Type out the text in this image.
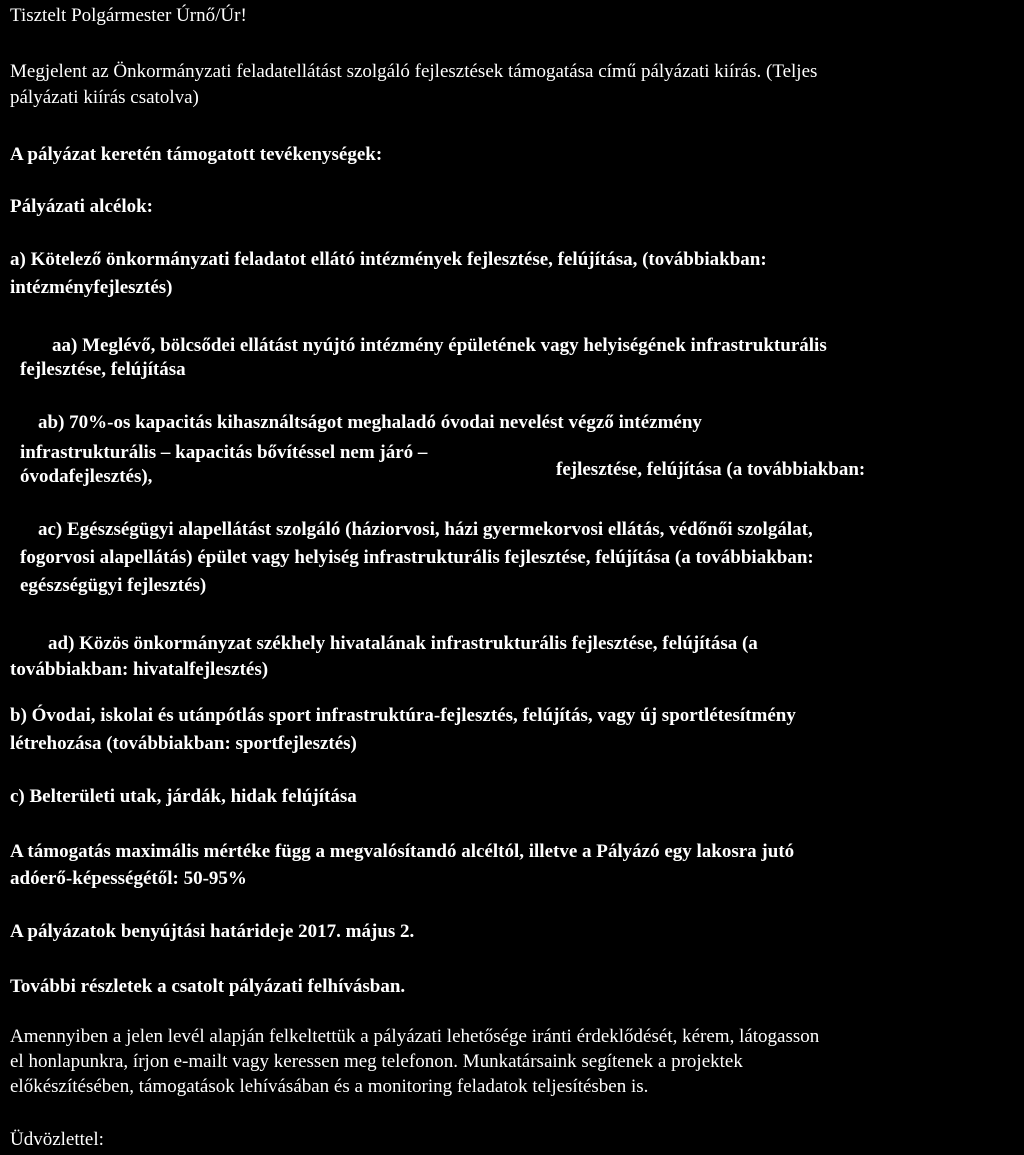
Tisztelt Polgármester Úrnő/Úr!

Megjelent az Önkormányzati feladatellátást szolgáló fejlesztések támogatása című pályázati kiírás. (Teljes

pályázati kiírás csatolva)

A pályázat keretén támogatott tevékenységek:

Pályázati alcélok:

a) Kötelező önkormányzati feladatot ellátó intézmények fejlesztése, felújítása, (továbbiakban:

intézményfejlesztés)

aa) Meglévő, bölcsődei ellátást nyújtó intézmény épületének vagy helyiségének infrastrukturális

fejlesztése, felújítása

ab) 70%-os kapacitás kihasználtságot meghaladó óvodai nevelést végző intézmény

infrastrukturális – kapacitás bővítéssel nem járó –

fejlesztése, felújítása (a továbbiakban:

óvodafejlesztés),

ac) Egészségügyi alapellátást szolgáló (háziorvosi, házi gyermekorvosi ellátás, védőnői szolgálat,

fogorvosi alapellátás) épület vagy helyiség infrastrukturális fejlesztése, felújítása (a továbbiakban:

egészségügyi fejlesztés)

ad) Közös önkormányzat székhely hivatalának infrastrukturális fejlesztése, felújítása (a

továbbiakban: hivatalfejlesztés)

b) Óvodai, iskolai és utánpótlás sport infrastruktúra-fejlesztés, felújítás, vagy új sportlétesítmény

létrehozása (továbbiakban: sportfejlesztés)

c) Belterületi utak, járdák, hidak felújítása

A támogatás maximális mértéke függ a megvalósítandó alcéltól, illetve a Pályázó egy lakosra jutó

adóerő-képességétől: 50-95%

A pályázatok benyújtási határideje 2017. május 2.

További részletek a csatolt pályázati felhívásban.

Amennyiben a jelen levél alapján felkeltettük a pályázati lehetősége iránti érdeklődését, kérem, látogasson

el honlapunkra, írjon e-mailt vagy keressen meg telefonon. Munkatársaink segítenek a projektek

előkészítésében, támogatások lehívásában és a monitoring feladatok teljesítésben is.

Üdvözlettel:
